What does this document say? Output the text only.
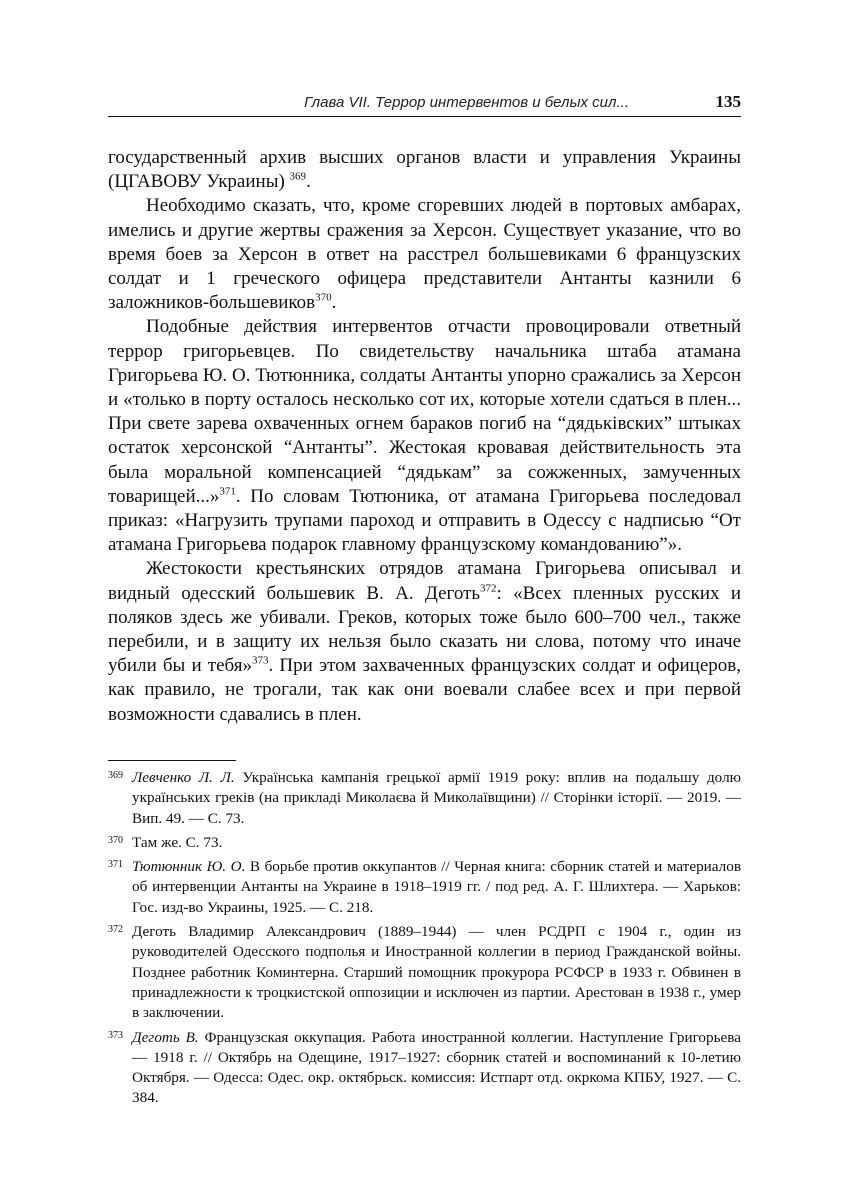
Глава VII. Террор интервентов и белых сил...	135

государственный архив высших органов власти и управления Украины (ЦГАВОВУ Украины) $^{369}$.

Необходимо сказать, что, кроме сгоревших людей в портовых амбарах, имелись и другие жертвы сражения за Херсон. Существует указание, что во время боев за Херсон в ответ на расстрел большевиками 6 французских солдат и 1 греческого офицера представители Антанты казнили 6 заложников-большевиков$^{370}$.

Подобные действия интервентов отчасти провоцировали ответный террор григорьевцев. По свидетельству начальника штаба атамана Григорьева Ю. О. Тютюнника, солдаты Антанты упорно сражались за Херсон и «только в порту осталось несколько сот их, которые хотели сдаться в плен... При свете зарева охваченных огнем бараков погиб на “дядьківских” штыках остаток херсонской “Антанты”. Жестокая кровавая действительность эта была моральной компенсацией “дядькам” за сожженных, замученных товарищей...»$^{371}$. По словам Тютюника, от атамана Григорьева последовал приказ: «Нагрузить трупами пароход и отправить в Одессу с надписью “От атамана Григорьева подарок главному французскому командованию”».

Жестокости крестьянских отрядов атамана Григорьева описывал и видный одесский большевик В. А. Деготь$^{372}$: «Всех пленных русских и поляков здесь же убивали. Греков, которых тоже было 600–700 чел., также перебили, и в защиту их нельзя было сказать ни слова, потому что иначе убили бы и тебя»$^{373}$. При этом захваченных французских солдат и офицеров, как правило, не трогали, так как они воевали слабее всех и при первой возможности сдавались в плен.

369 Левченко Л. Л. Українська кампанія грецької армії 1919 року: вплив на подальшу долю українських греків (на прикладі Миколаєва й Миколаївщини) // Сторінки історії. — 2019. — Вип. 49. — С. 73.
370 Там же. С. 73.
371 Тютюнник Ю. О. В борьбе против оккупантов // Черная книга: сборник статей и материалов об интервенции Антанты на Украине в 1918–1919 гг. / под ред. А. Г. Шлихтера. — Харьков: Гос. изд-во Украины, 1925. — С. 218.
372 Деготь Владимир Александрович (1889–1944) — член РСДРП с 1904 г., один из руководителей Одесского подполья и Иностранной коллегии в период Гражданской войны. Позднее работник Коминтерна. Старший помощник прокурора РСФСР в 1933 г. Обвинен в принадлежности к троцкистской оппозиции и исключен из партии. Арестован в 1938 г., умер в заключении.
373 Деготь В. Французская оккупация. Работа иностранной коллегии. Наступление Григорьева — 1918 г. // Октябрь на Одещине, 1917–1927: сборник статей и воспоминаний к 10-летию Октября. — Одесса: Одес. окр. октябрьск. комиссия: Истпарт отд. окркома КПБУ, 1927. — С. 384.
